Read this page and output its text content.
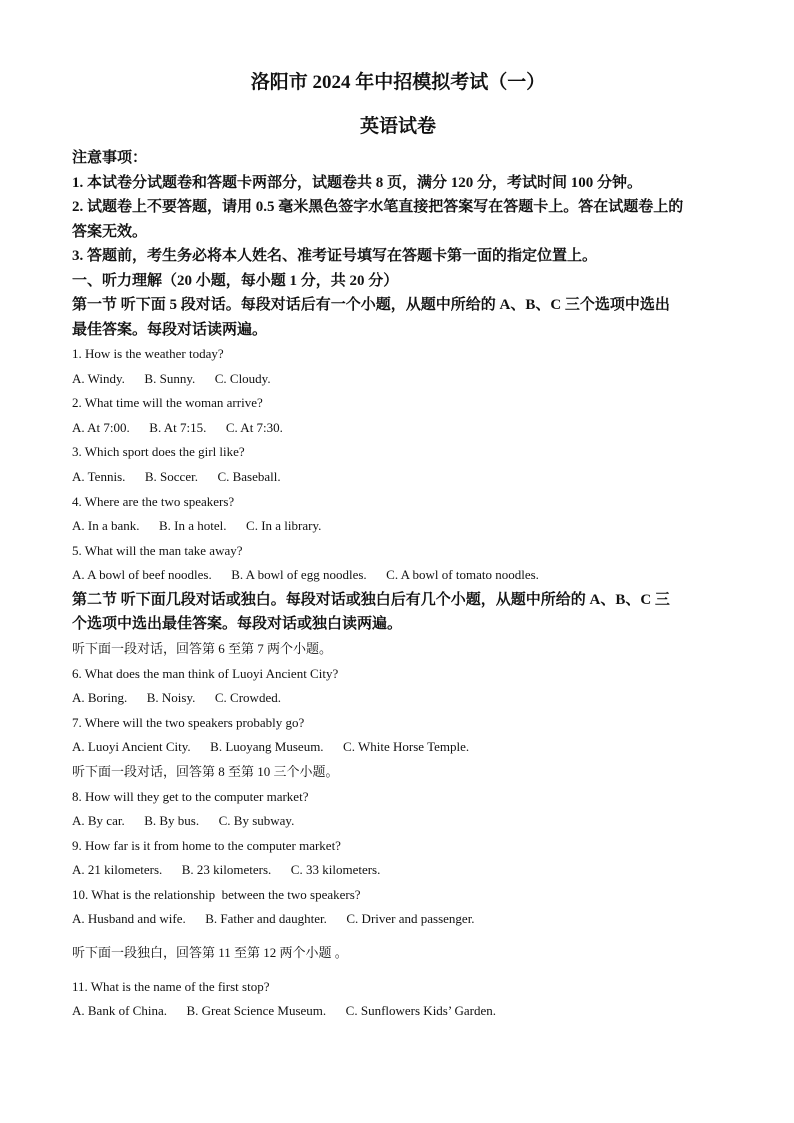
洛阳市 2024 年中招模拟考试（一）

英语试卷

注意事项：

1. 本试卷分试题卷和答题卡两部分，试题卷共 8 页，满分 120 分，考试时间 100 分钟。

2. 试题卷上不要答题，请用 0.5 毫米黑色签字水笔直接把答案写在答题卡上。答在试题卷上的

答案无效。

3. 答题前，考生务必将本人姓名、准考证号填写在答题卡第一面的指定位置上。

一、听力理解（20 小题，每小题 1 分，共 20 分）

第一节 听下面 5 段对话。每段对话后有一个小题，从题中所给的 A、B、C 三个选项中选出

最佳答案。每段对话读两遍。

1. How is the weather today?

A. Windy.      B. Sunny.      C. Cloudy.

2. What time will the woman arrive?

A. At 7:00.      B. At 7:15.      C. At 7:30.

3. Which sport does the girl like?

A. Tennis.      B. Soccer.      C. Baseball.

4. Where are the two speakers?

A. In a bank.      B. In a hotel.      C. In a library.

5. What will the man take away?

A. A bowl of beef noodles.      B. A bowl of egg noodles.      C. A bowl of tomato noodles.

第二节 听下面几段对话或独白。每段对话或独白后有几个小题，从题中所给的 A、B、C 三

个选项中选出最佳答案。每段对话或独白读两遍。

听下面一段对话，回答第 6 至第 7 两个小题。

6. What does the man think of Luoyi Ancient City?

A. Boring.      B. Noisy.      C. Crowded.

7. Where will the two speakers probably go?

A. Luoyi Ancient City.      B. Luoyang Museum.      C. White Horse Temple.

听下面一段对话，回答第 8 至第 10 三个小题。

8. How will they get to the computer market?

A. By car.      B. By bus.      C. By subway.

9. How far is it from home to the computer market?

A. 21 kilometers.      B. 23 kilometers.      C. 33 kilometers.

10. What is the relationship  between the two speakers?

A. Husband and wife.      B. Father and daughter.      C. Driver and passenger.

听下面一段独白，回答第 11 至第 12 两个小题 。

11. What is the name of the first stop?

A. Bank of China.      B. Great Science Museum.      C. Sunflowers Kids’ Garden.
